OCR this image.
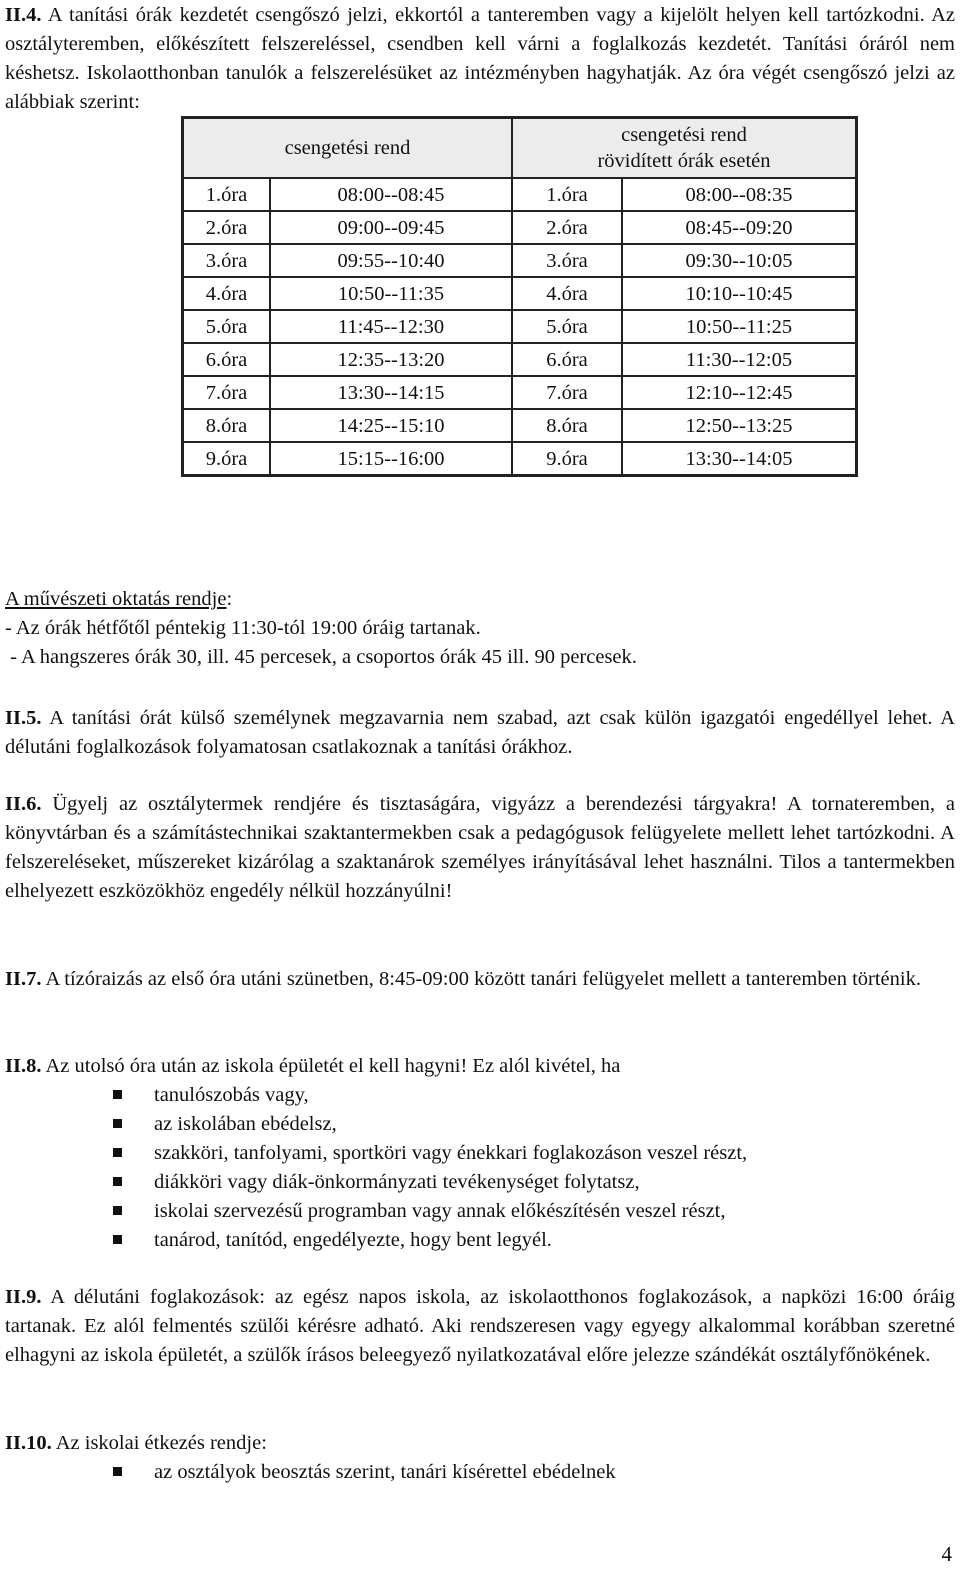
II.4. A tanítási órák kezdetét csengőszó jelzi, ekkortól a tanteremben vagy a kijelölt helyen kell tartózkodni. Az osztályteremben, előkészített felszereléssel, csendben kell várni a foglalkozás kezdetét. Tanítási óráról nem késhetsz. Iskolaotthonban tanulók a felszerelésüket az intézményben hagyhatják. Az óra végét csengőszó jelzi az alábbiak szerint:

csengetési rend		csengetési rend
rövidített órák esetén	
1.óra	08:00--08:45	1.óra	08:00--08:35
2.óra	09:00--09:45	2.óra	08:45--09:20
3.óra	09:55--10:40	3.óra	09:30--10:05
4.óra	10:50--11:35	4.óra	10:10--10:45
5.óra	11:45--12:30	5.óra	10:50--11:25
6.óra	12:35--13:20	6.óra	11:30--12:05
7.óra	13:30--14:15	7.óra	12:10--12:45
8.óra	14:25--15:10	8.óra	12:50--13:25
9.óra	15:15--16:00	9.óra	13:30--14:05
A művészeti oktatás rendje:
- Az órák hétfőtől péntekig 11:30-tól 19:00 óráig tartanak.
- A hangszeres órák 30, ill. 45 percesek, a csoportos órák 45 ill. 90 percesek.

II.5. A tanítási órát külső személynek megzavarnia nem szabad, azt csak külön igazgatói engedéllyel lehet. A délutáni foglalkozások folyamatosan csatlakoznak a tanítási órákhoz.

II.6. Ügyelj az osztálytermek rendjére és tisztaságára, vigyázz a berendezési tárgyakra! A tornateremben, a könyvtárban és a számítástechnikai szaktantermekben csak a pedagógusok felügyelete mellett lehet tartózkodni. A felszereléseket, műszereket kizárólag a szaktanárok személyes irányításával lehet használni. Tilos a tantermekben elhelyezett eszközökhöz engedély nélkül hozzányúlni!

II.7. A tízóraizás az első óra utáni szünetben, 8:45-09:00 között tanári felügyelet mellett a tanteremben történik.

II.8. Az utolsó óra után az iskola épületét el kell hagyni! Ez alól kivétel, ha

tanulószobás vagy,
az iskolában ebédelsz,
szakköri, tanfolyami, sportköri vagy énekkari foglakozáson veszel részt,
diákköri vagy diák-önkormányzati tevékenységet folytatsz,
iskolai szervezésű programban vagy annak előkészítésén veszel részt,
tanárod, tanítód, engedélyezte, hogy bent legyél.

II.9. A délutáni foglakozások: az egész napos iskola, az iskolaotthonos foglakozások, a napközi 16:00 óráig tartanak. Ez alól felmentés szülői kérésre adható. Aki rendszeresen vagy egyegy alkalommal korábban szeretné elhagyni az iskola épületét, a szülők írásos beleegyező nyilatkozatával előre jelezze szándékát osztályfőnökének.

II.10. Az iskolai étkezés rendje:

az osztályok beosztás szerint, tanári kísérettel ebédelnek
4
